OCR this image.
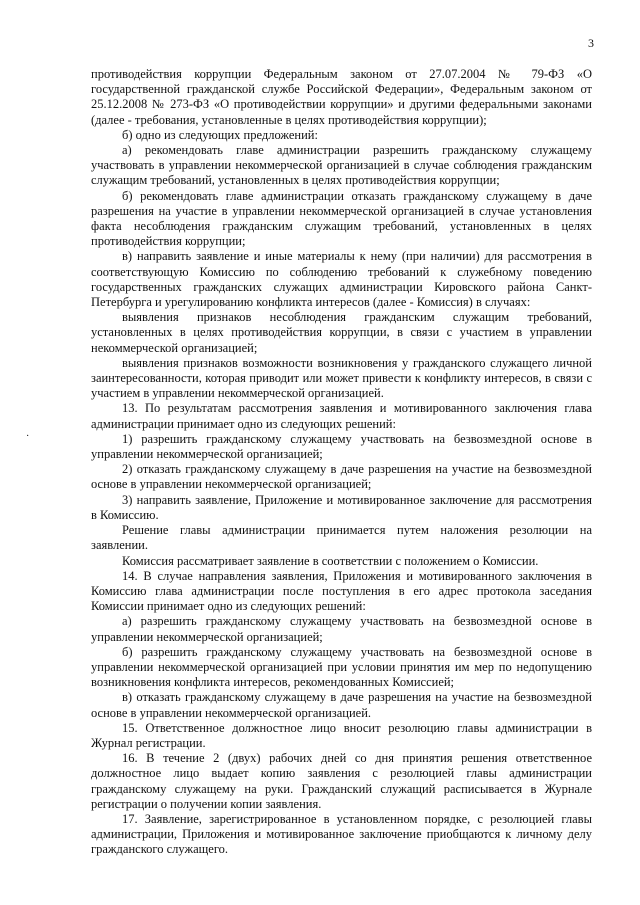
3
·

противодействия коррупции Федеральным законом от 27.07.2004 № 79-ФЗ «О государственной гражданской службе Российской Федерации», Федеральным законом от 25.12.2008 № 273-ФЗ «О противодействии коррупции» и другими федеральными законами (далее - требования, установленные в целях противодействия коррупции);

б) одно из следующих предложений:

а) рекомендовать главе администрации разрешить гражданскому служащему участвовать в управлении некоммерческой организацией в случае соблюдения гражданским служащим требований, установленных в целях противодействия коррупции;

б) рекомендовать главе администрации отказать гражданскому служащему в даче разрешения на участие в управлении некоммерческой организацией в случае установления факта несоблюдения гражданским служащим требований, установленных в целях противодействия коррупции;

в) направить заявление и иные материалы к нему (при наличии) для рассмотрения в соответствующую Комиссию по соблюдению требований к служебному поведению государственных гражданских служащих администрации Кировского района Санкт-Петербурга и урегулированию конфликта интересов (далее - Комиссия) в случаях:

выявления признаков несоблюдения гражданским служащим требований, установленных в целях противодействия коррупции, в связи с участием в управлении некоммерческой организацией;

выявления признаков возможности возникновения у гражданского служащего личной заинтересованности, которая приводит или может привести к конфликту интересов, в связи с участием в управлении некоммерческой организацией.

13. По результатам рассмотрения заявления и мотивированного заключения глава администрации принимает одно из следующих решений:

1) разрешить гражданскому служащему участвовать на безвозмездной основе в управлении некоммерческой организацией;

2) отказать гражданскому служащему в даче разрешения на участие на безвозмездной основе в управлении некоммерческой организацией;

3) направить заявление, Приложение и мотивированное заключение для рассмотрения в Комиссию.

Решение главы администрации принимается путем наложения резолюции на заявлении.

Комиссия рассматривает заявление в соответствии с положением о Комиссии.

14. В случае направления заявления, Приложения и мотивированного заключения в Комиссию глава администрации после поступления в его адрес протокола заседания Комиссии принимает одно из следующих решений:

а) разрешить гражданскому служащему участвовать на безвозмездной основе в управлении некоммерческой организацией;

б) разрешить гражданскому служащему участвовать на безвозмездной основе в управлении некоммерческой организацией при условии принятия им мер по недопущению возникновения конфликта интересов, рекомендованных Комиссией;

в) отказать гражданскому служащему в даче разрешения на участие на безвозмездной основе в управлении некоммерческой организацией.

15. Ответственное должностное лицо вносит резолюцию главы администрации в Журнал регистрации.

16. В течение 2 (двух) рабочих дней со дня принятия решения ответственное должностное лицо выдает копию заявления с резолюцией главы администрации гражданскому служащему на руки. Гражданский служащий расписывается в Журнале регистрации о получении копии заявления.

17. Заявление, зарегистрированное в установленном порядке, с резолюцией главы администрации, Приложения и мотивированное заключение приобщаются к личному делу гражданского служащего.
